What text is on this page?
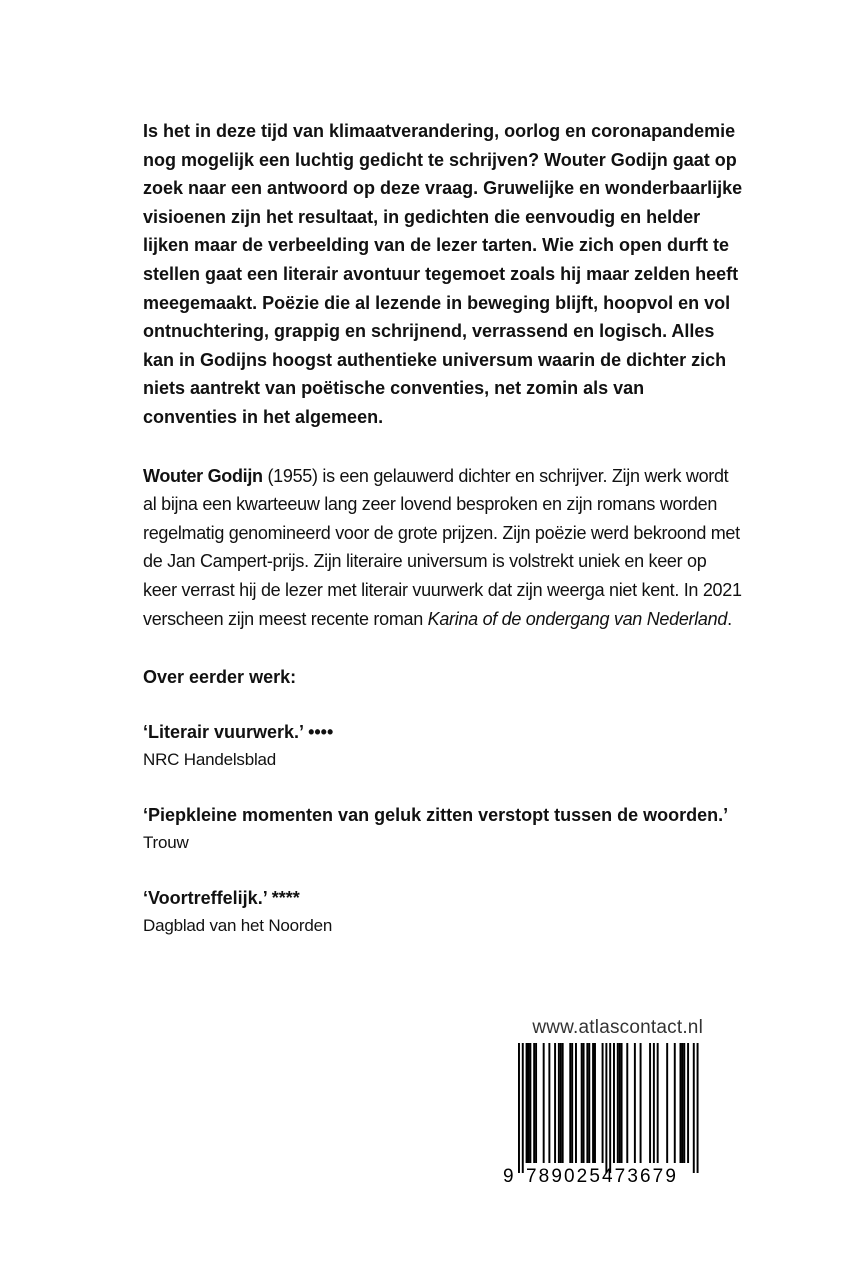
Is het in deze tijd van klimaatverandering, oorlog en coronapandemie nog mogelijk een luchtig gedicht te schrijven? Wouter Godijn gaat op zoek naar een antwoord op deze vraag. Gruwelijke en wonderbaarlijke visioenen zijn het resultaat, in gedichten die eenvoudig en helder lijken maar de verbeelding van de lezer tarten. Wie zich open durft te stellen gaat een literair avontuur tegemoet zoals hij maar zelden heeft meegemaakt. Poëzie die al lezende in beweging blijft, hoopvol en vol ontnuchtering, grappig en schrijnend, verrassend en logisch. Alles kan in Godijns hoogst authentieke universum waarin de dichter zich niets aantrekt van poëtische conventies, net zomin als van conventies in het algemeen.

Wouter Godijn (1955) is een gelauwerd dichter en schrijver. Zijn werk wordt al bijna een kwarteeuw lang zeer lovend besproken en zijn romans worden regelmatig genomineerd voor de grote prijzen. Zijn poëzie werd bekroond met de Jan Campert-prijs. Zijn literaire universum is volstrekt uniek en keer op keer verrast hij de lezer met literair vuurwerk dat zijn weerga niet kent. In 2021 verscheen zijn meest recente roman Karina of de ondergang van Nederland.

Over eerder werk:
‘Literair vuurwerk.’ ••••
NRC Handelsblad
‘Piepkleine momenten van geluk zitten verstopt tussen de woorden.’
Trouw
‘Voortreffelijk.’ ****
Dagblad van het Noorden
www.atlascontact.nl
9 789025473679
